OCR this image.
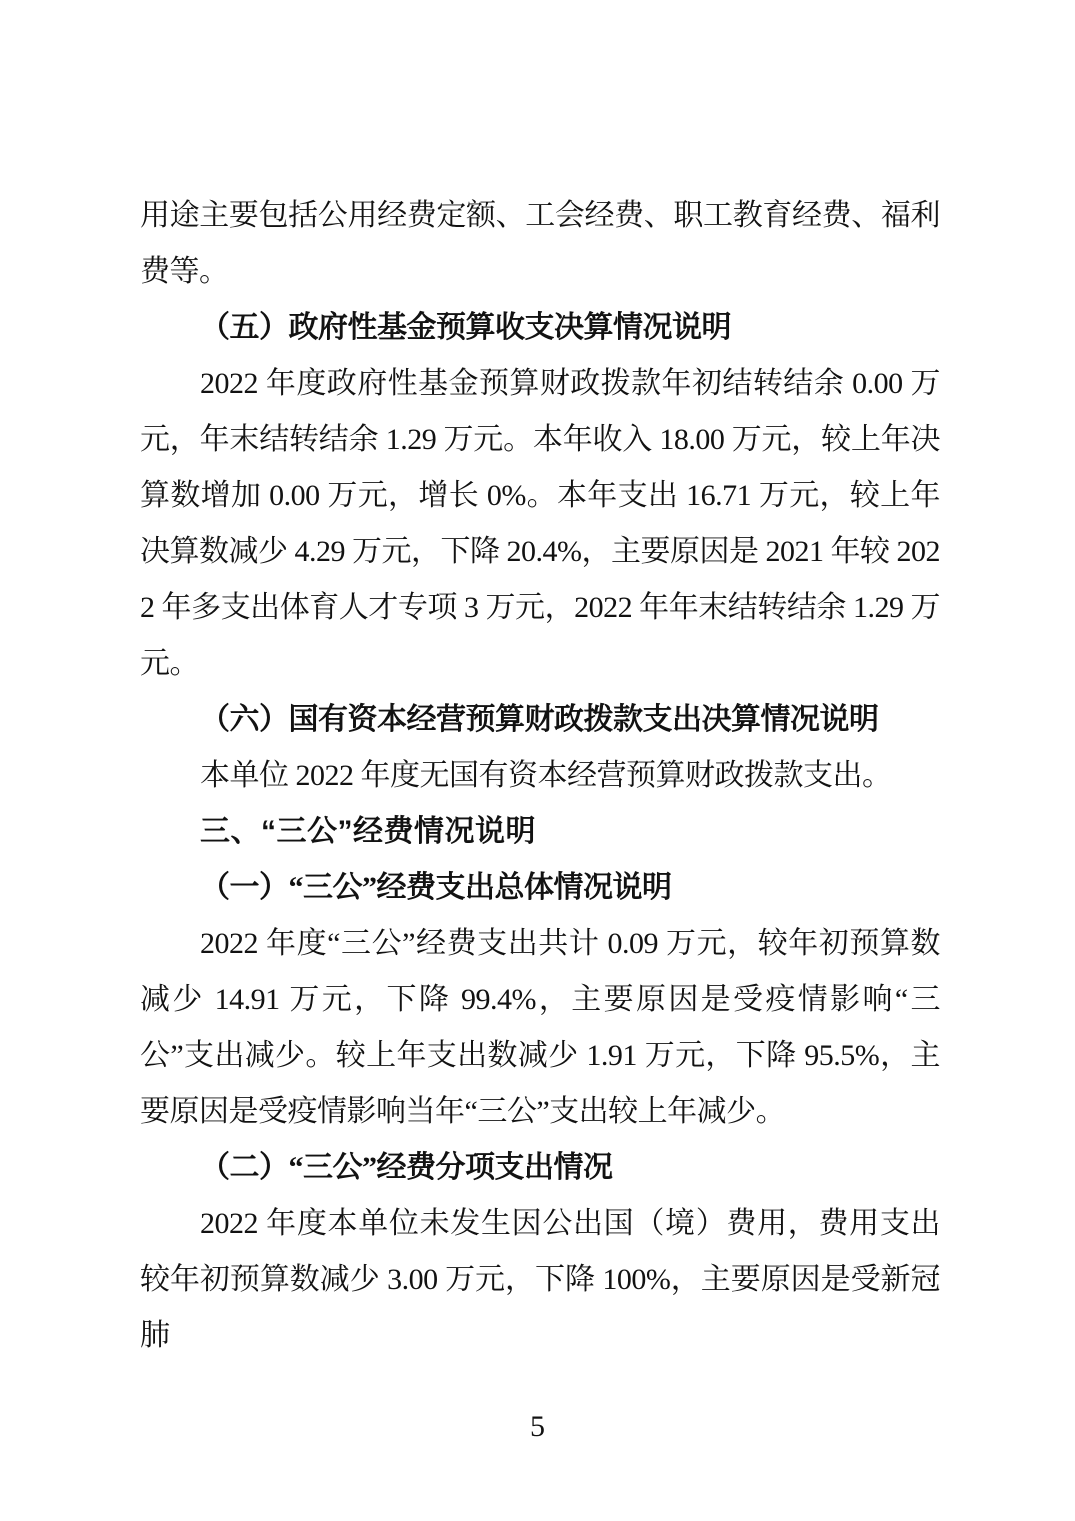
用途主要包括公用经费定额、工会经费、职工教育经费、福利费等。

（五）政府性基金预算收支决算情况说明

2022 年度政府性基金预算财政拨款年初结转结余 0.00 万元，年末结转结余 1.29 万元。本年收入 18.00 万元，较上年决算数增加 0.00 万元，增长 0%。本年支出 16.71 万元，较上年决算数减少 4.29 万元，下降 20.4%，主要原因是 2021 年较 2022 年多支出体育人才专项 3 万元，2022 年年末结转结余 1.29 万元。

（六）国有资本经营预算财政拨款支出决算情况说明

本单位 2022 年度无国有资本经营预算财政拨款支出。

三、“三公”经费情况说明

（一）“三公”经费支出总体情况说明

2022 年度“三公”经费支出共计 0.09 万元，较年初预算数减少 14.91 万元，下降 99.4%，主要原因是受疫情影响“三公”支出减少。较上年支出数减少 1.91 万元，下降 95.5%，主要原因是受疫情影响当年“三公”支出较上年减少。

（二）“三公”经费分项支出情况

2022 年度本单位未发生因公出国（境）费用，费用支出较年初预算数减少 3.00 万元，下降 100%，主要原因是受新冠肺

5
